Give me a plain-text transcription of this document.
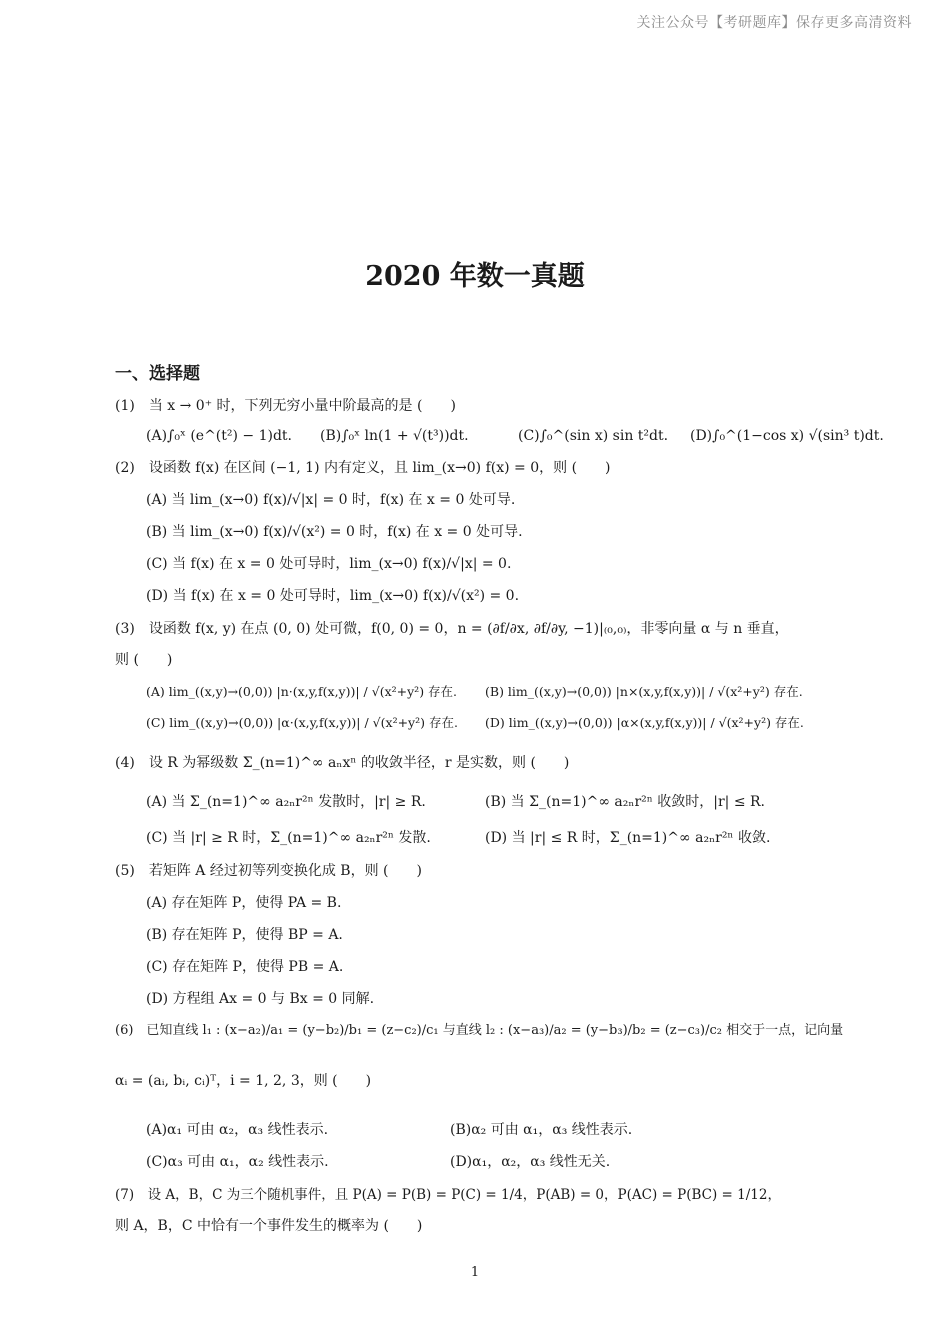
关注公众号【考研题库】保存更多高清资料
2020 年数一真题
一、选择题
(1)　当 x → 0⁺ 时，下列无穷小量中阶最高的是 (　　)
(A)∫₀ˣ (e^(t²) − 1)dt. (B)∫₀ˣ ln(1 + √(t³))dt.	(C)∫₀^(sin x) sin t²dt. (D)∫₀^(1−cos x) √(sin³ t)dt.
(2)　设函数 f(x) 在区间 (−1, 1) 内有定义，且 lim_(x→0) f(x) = 0，则 (　　)
(A) 当 lim_(x→0) f(x)/√|x| = 0 时，f(x) 在 x = 0 处可导.
(B) 当 lim_(x→0) f(x)/√(x²) = 0 时，f(x) 在 x = 0 处可导.
(C) 当 f(x) 在 x = 0 处可导时，lim_(x→0) f(x)/√|x| = 0.
(D) 当 f(x) 在 x = 0 处可导时，lim_(x→0) f(x)/√(x²) = 0.
(3)　设函数 f(x, y) 在点 (0, 0) 处可微，f(0, 0) = 0，n = (∂f/∂x, ∂f/∂y, −1)|₍₀,₀₎，非零向量 α 与 n 垂直，
则 (　　)
(A) lim_((x,y)→(0,0)) |n·(x,y,f(x,y))| / √(x²+y²) 存在. (B) lim_((x,y)→(0,0)) |n×(x,y,f(x,y))| / √(x²+y²) 存在.
(C) lim_((x,y)→(0,0)) |α·(x,y,f(x,y))| / √(x²+y²) 存在. (D) lim_((x,y)→(0,0)) |α×(x,y,f(x,y))| / √(x²+y²) 存在.
(4)　设 R 为幂级数 Σ_(n=1)^∞ aₙxⁿ 的收敛半径，r 是实数，则 (　　)
(A) 当 Σ_(n=1)^∞ a₂ₙr²ⁿ 发散时，|r| ≥ R.	(B) 当 Σ_(n=1)^∞ a₂ₙr²ⁿ 收敛时，|r| ≤ R.
(C) 当 |r| ≥ R 时，Σ_(n=1)^∞ a₂ₙr²ⁿ 发散.	(D) 当 |r| ≤ R 时，Σ_(n=1)^∞ a₂ₙr²ⁿ 收敛.
(5)　若矩阵 A 经过初等列变换化成 B，则 (　　)
(A) 存在矩阵 P，使得 PA = B.
(B) 存在矩阵 P，使得 BP = A.
(C) 存在矩阵 P，使得 PB = A.
(D) 方程组 Ax = 0 与 Bx = 0 同解.
(6)　已知直线 l₁ : (x−a₂)/a₁ = (y−b₂)/b₁ = (z−c₂)/c₁ 与直线 l₂ : (x−a₃)/a₂ = (y−b₃)/b₂ = (z−c₃)/c₂ 相交于一点，记向量
αᵢ = (aᵢ, bᵢ, cᵢ)ᵀ，i = 1, 2, 3，则 (　　)
(A)α₁ 可由 α₂，α₃ 线性表示.	(B)α₂ 可由 α₁，α₃ 线性表示.
(C)α₃ 可由 α₁，α₂ 线性表示.	(D)α₁，α₂，α₃ 线性无关.
(7)　设 A，B，C 为三个随机事件，且 P(A) = P(B) = P(C) = 1/4，P(AB) = 0，P(AC) = P(BC) = 1/12，
则 A，B，C 中恰有一个事件发生的概率为 (　　)
1
